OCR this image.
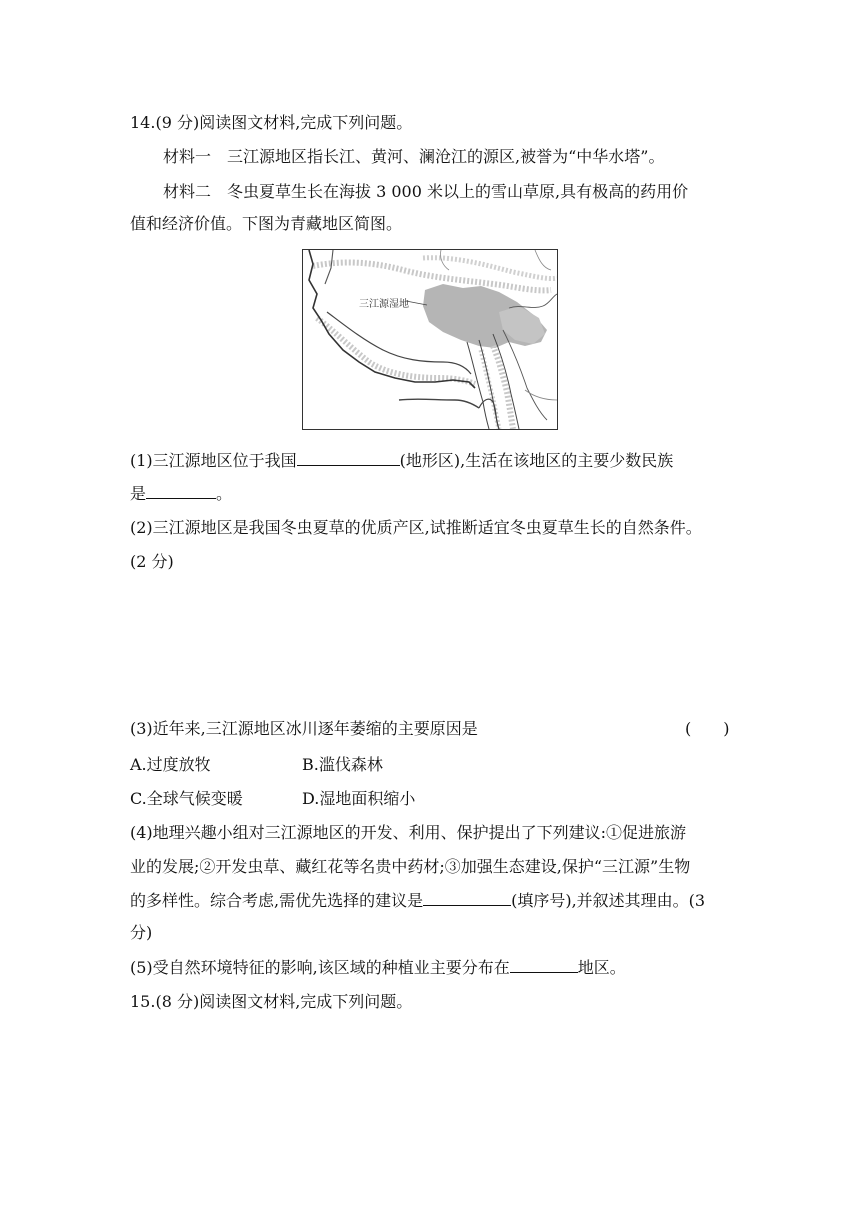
14.(9 分)阅读图文材料,完成下列问题。
材料一　三江源地区指长江、黄河、澜沧江的源区,被誉为“中华水塔”。
材料二　冬虫夏草生长在海拔 3 000 米以上的雪山草原,具有极高的药用价
值和经济价值。下图为青藏地区简图。
三江源湿地
(1)三江源地区位于我国	(地形区),生活在该地区的主要少数民族
是	。
(2)三江源地区是我国冬虫夏草的优质产区,试推断适宜冬虫夏草生长的自然条件。
(2 分)
(3)近年来,三江源地区冰川逐年萎缩的主要原因是	(　　)
A.过度放牧	B.滥伐森林
C.全球气候变暖	D.湿地面积缩小
(4)地理兴趣小组对三江源地区的开发、利用、保护提出了下列建议:①促进旅游
业的发展;②开发虫草、藏红花等名贵中药材;③加强生态建设,保护“三江源”生物
的多样性。综合考虑,需优先选择的建议是	(填序号),并叙述其理由。(3
分)
(5)受自然环境特征的影响,该区域的种植业主要分布在	地区。
15.(8 分)阅读图文材料,完成下列问题。
